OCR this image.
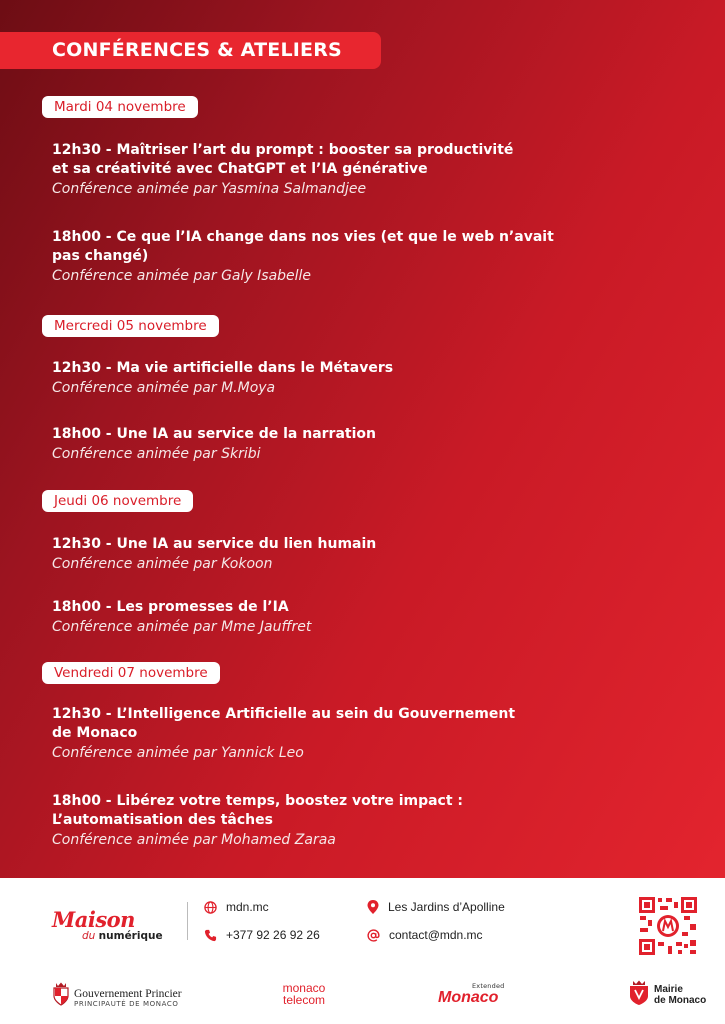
CONFÉRENCES & ATELIERS
Mardi 04 novembre
12h30 - Maîtriser l’art du prompt : booster sa productivité
et sa créativité avec ChatGPT et l’IA générative
Conférence animée par Yasmina Salmandjee
18h00 - Ce que l’IA change dans nos vies (et que le web n’avait
pas changé)
Conférence animée par Galy Isabelle
Mercredi 05 novembre
12h30 - Ma vie artificielle dans le Métavers
Conférence animée par M.Moya
18h00 - Une IA au service de la narration
Conférence animée par Skribi
Jeudi 06 novembre
12h30 - Une IA au service du lien humain
Conférence animée par Kokoon
18h00 - Les promesses de l’IA
Conférence animée par Mme Jauffret
Vendredi 07 novembre
12h30 - L’Intelligence Artificielle au sein du Gouvernement
de Monaco
Conférence animée par Yannick Leo
18h00 - Libérez votre temps, boostez votre impact :
L’automatisation des tâches
Conférence animée par Mohamed Zaraa
Maison
du numérique
mdn.mc
+377 92 26 92 26
Les Jardins d’Apolline
contact@mdn.mc
Gouvernement Princier
PRINCIPAUTÉ DE MONACO
monaco
telecom
Extended
Monaco	Mairie
de Monaco
